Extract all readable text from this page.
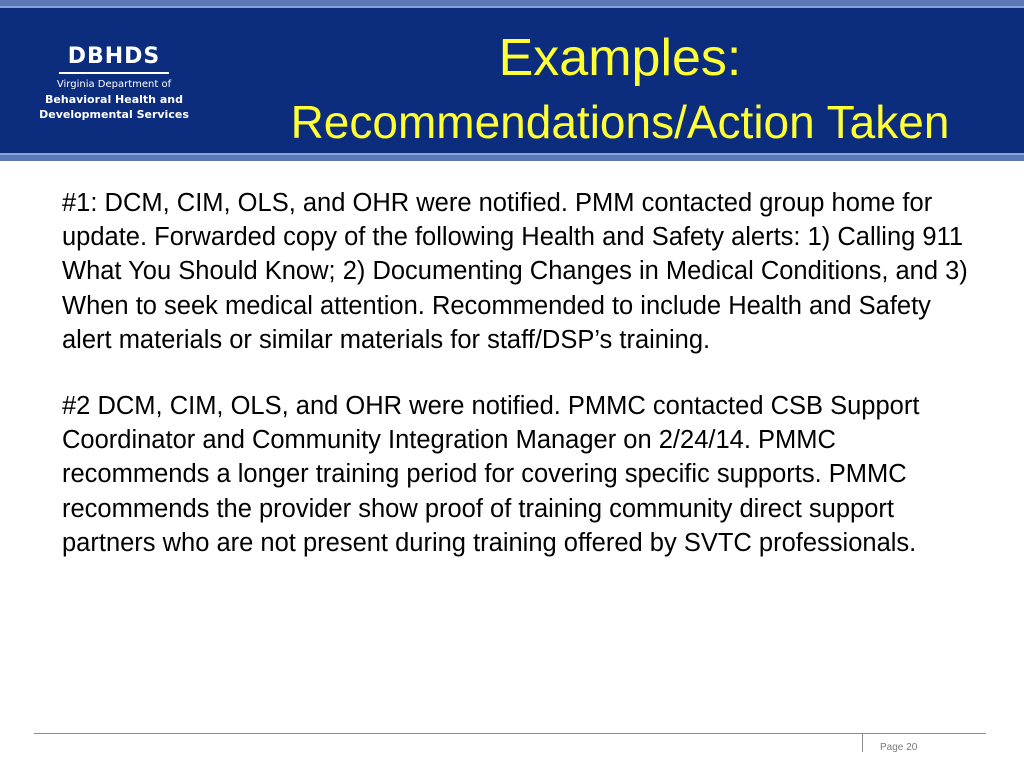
DBHDS
Virginia Department of
Behavioral Health and
Developmental Services
Examples:
Recommendations/Action Taken

#1: DCM, CIM, OLS, and OHR were notified. PMM contacted group home for update. Forwarded copy of the following Health and Safety alerts: 1) Calling 911 What You Should Know; 2) Documenting Changes in Medical Conditions, and 3) When to seek medical attention. Recommended to include Health and Safety alert materials or similar materials for staff/DSP’s training.

#2 DCM, CIM, OLS, and OHR were notified. PMMC contacted CSB Support Coordinator and Community Integration Manager on 2/24/14. PMMC recommends a longer training period for covering specific supports. PMMC recommends the provider show proof of training community direct support partners who are not present during training offered by SVTC professionals.

Page 20
